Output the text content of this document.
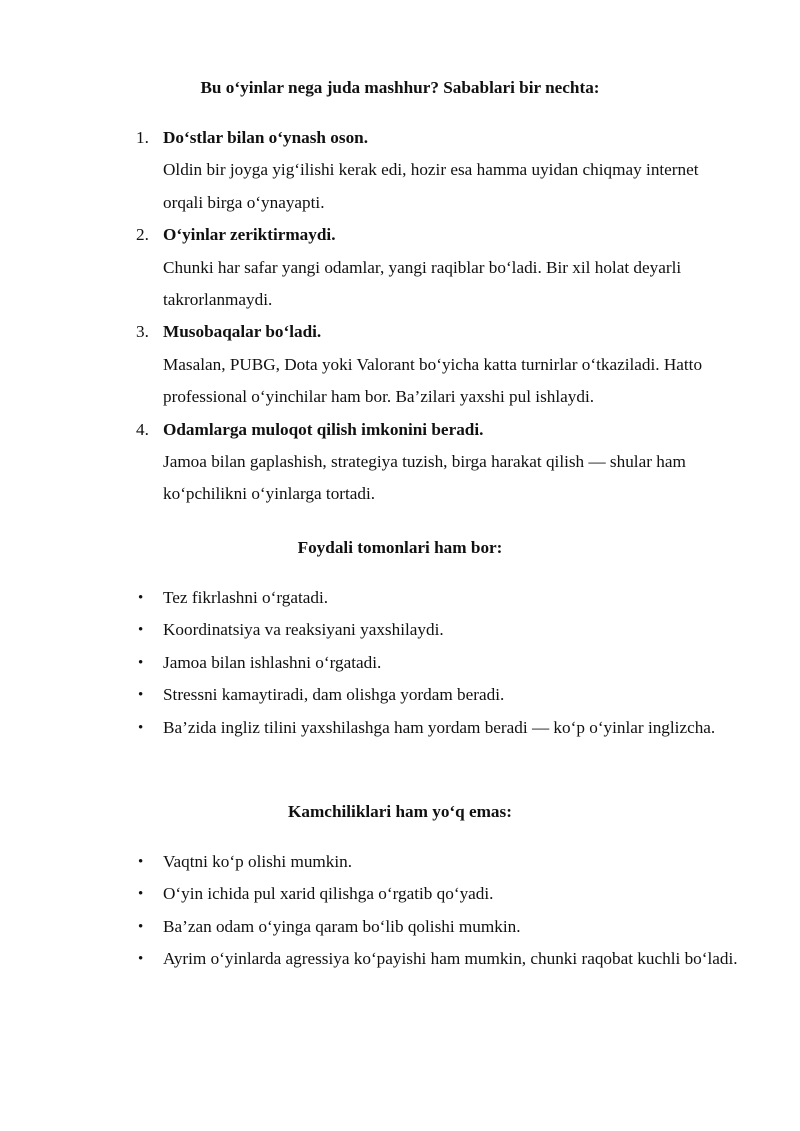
Bu o‘yinlar nega juda mashhur? Sabablari bir nechta:
1. Do‘stlar bilan o‘ynash oson.
Oldin bir joyga yig‘ilishi kerak edi, hozir esa hamma uyidan chiqmay internet orqali birga o‘ynayapti.
2. O‘yinlar zeriktirmaydi.
Chunki har safar yangi odamlar, yangi raqiblar bo‘ladi. Bir xil holat deyarli takrorlanmaydi.
3. Musobaqalar bo‘ladi.
Masalan, PUBG, Dota yoki Valorant bo‘yicha katta turnirlar o‘tkaziladi. Hatto professional o‘yinchilar ham bor. Ba’zilari yaxshi pul ishlaydi.
4. Odamlarga muloqot qilish imkonini beradi.
Jamoa bilan gaplashish, strategiya tuzish, birga harakat qilish — shular ham ko‘pchilikni o‘yinlarga tortadi.
Foydali tomonlari ham bor:
• Tez fikrlashni o‘rgatadi.
• Koordinatsiya va reaksiyani yaxshilaydi.
• Jamoa bilan ishlashni o‘rgatadi.
• Stressni kamaytiradi, dam olishga yordam beradi.
• Ba’zida ingliz tilini yaxshilashga ham yordam beradi — ko‘p o‘yinlar inglizcha.
Kamchiliklari ham yo‘q emas:
• Vaqtni ko‘p olishi mumkin.
• O‘yin ichida pul xarid qilishga o‘rgatib qo‘yadi.
• Ba’zan odam o‘yinga qaram bo‘lib qolishi mumkin.
• Ayrim o‘yinlarda agressiya ko‘payishi ham mumkin, chunki raqobat kuchli bo‘ladi.
